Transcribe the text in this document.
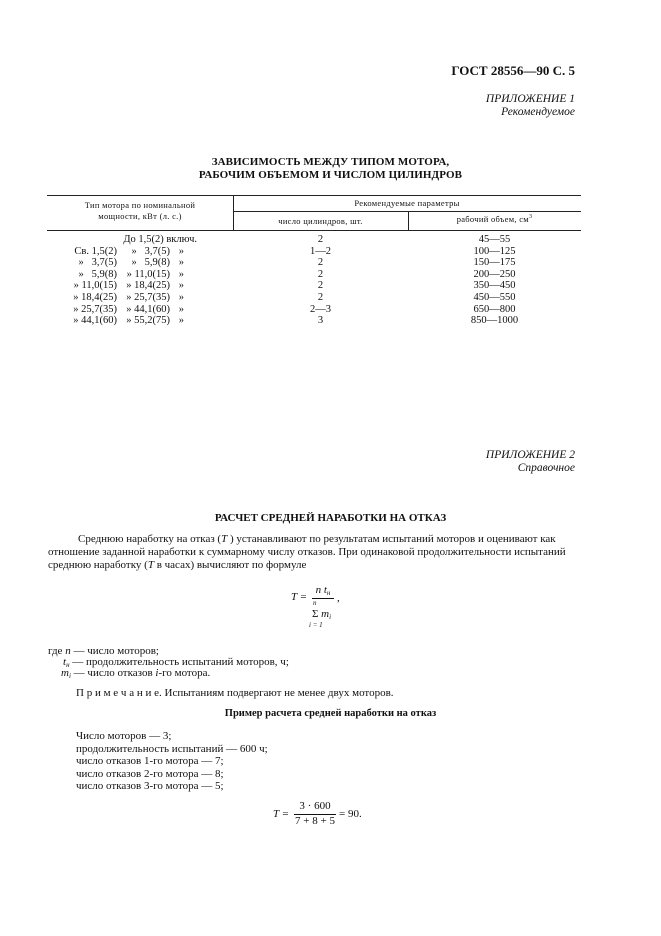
ГОСТ 28556—90 С. 5
ПРИЛОЖЕНИЕ 1
Рекомендуемое
ЗАВИСИМОСТЬ МЕЖДУ ТИПОМ МОТОРА,
РАБОЧИМ ОБЪЕМОМ И ЧИСЛОМ ЦИЛИНДРОВ
Тип мотора по номинальной
мощности, кВт (л. с.)
Рекомендуемые параметры
число цилиндров, шт.	рабочий объем, $см^3$
До 1,5(2) включ.	2	45—55
Св. 1,5(2)	»   3,7(5) »	1—2	100—125
»   3,7(5)	»   5,9(8) »	2	150—175
»   5,9(8) » 11,0(15) »	2	200—250
» 11,0(15) » 18,4(25) »	2	350—450
» 18,4(25) » 25,7(35) »	2	450—550
» 25,7(35) » 44,1(60) »	2—3	650—800
» 44,1(60) » 55,2(75) »	3	850—1000
ПРИЛОЖЕНИЕ 2
Справочное
РАСЧЕТ СРЕДНЕЙ НАРАБОТКИ НА ОТКАЗ
Среднюю наработку на отказ (T ) устанавливают по результатам испытаний моторов и оценивают как отношение заданной наработки к суммарному числу отказов. При одинаковой продолжительности испытаний среднюю наработку (T в часах) вычисляют по формуле
T =
n $t_н$
n
Σ $m_i$
i = 1
,
где n — число моторов;
$t_н$ — продолжительность испытаний моторов, ч;
$m_i$ — число отказов i-го мотора.
П р и м е ч а н и е. Испытаниям подвергают не менее двух моторов.
Пример расчета средней наработки на отказ
Число моторов — 3;
продолжительность испытаний — 600 ч;
число отказов 1-го мотора — 7;
число отказов 2-го мотора — 8;
число отказов 3-го мотора — 5;
T =
3 · 600
7 + 8 + 5
= 90.
